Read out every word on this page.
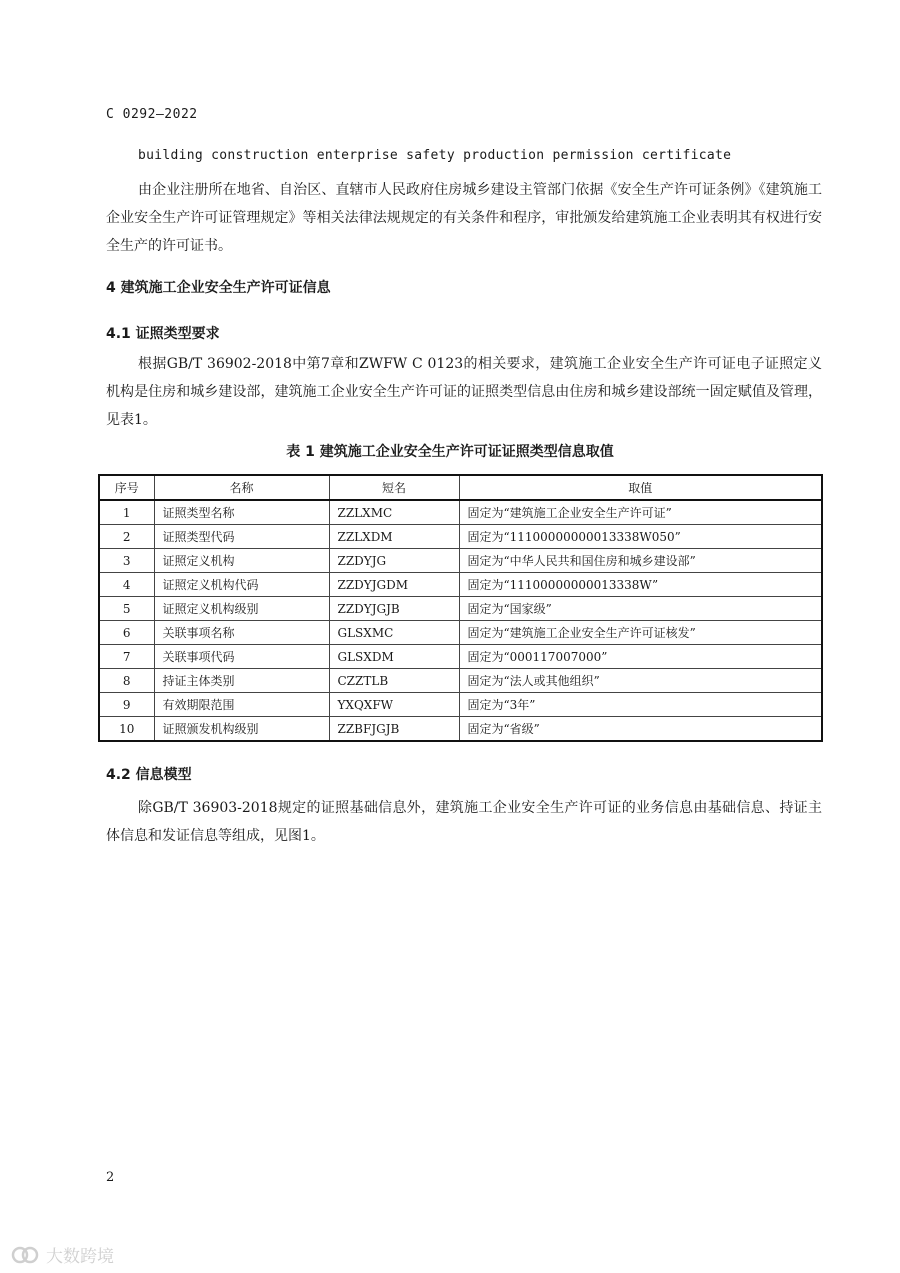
C 0292—2022
building construction enterprise safety production permission certificate

由企业注册所在地省、自治区、直辖市人民政府住房城乡建设主管部门依据《安全生产许可证条例》《建筑施工企业安全生产许可证管理规定》等相关法律法规规定的有关条件和程序，审批颁发给建筑施工企业表明其有权进行安全生产的许可证书。

4 建筑施工企业安全生产许可证信息
4.1 证照类型要求

根据GB/T 36902-2018中第7章和ZWFW C 0123的相关要求，建筑施工企业安全生产许可证电子证照定义机构是住房和城乡建设部，建筑施工企业安全生产许可证的证照类型信息由住房和城乡建设部统一固定赋值及管理，见表1。

表 1 建筑施工企业安全生产许可证证照类型信息取值
序号	名称	短名	取值
1	证照类型名称	ZZLXMC	固定为“建筑施工企业安全生产许可证”
2	证照类型代码	ZZLXDM	固定为“11100000000013338W050”
3	证照定义机构	ZZDYJG	固定为“中华人民共和国住房和城乡建设部”
4	证照定义机构代码	ZZDYJGDM	固定为“11100000000013338W”
5	证照定义机构级别	ZZDYJGJB	固定为“国家级”
6	关联事项名称	GLSXMC	固定为“建筑施工企业安全生产许可证核发”
7	关联事项代码	GLSXDM	固定为“000117007000”
8	持证主体类别	CZZTLB	固定为“法人或其他组织”
9	有效期限范围	YXQXFW	固定为“3年”
10	证照颁发机构级别	ZZBFJGJB	固定为“省级”
4.2 信息模型

除GB/T 36903-2018规定的证照基础信息外，建筑施工企业安全生产许可证的业务信息由基础信息、持证主体信息和发证信息等组成，见图1。

2
大数跨境
